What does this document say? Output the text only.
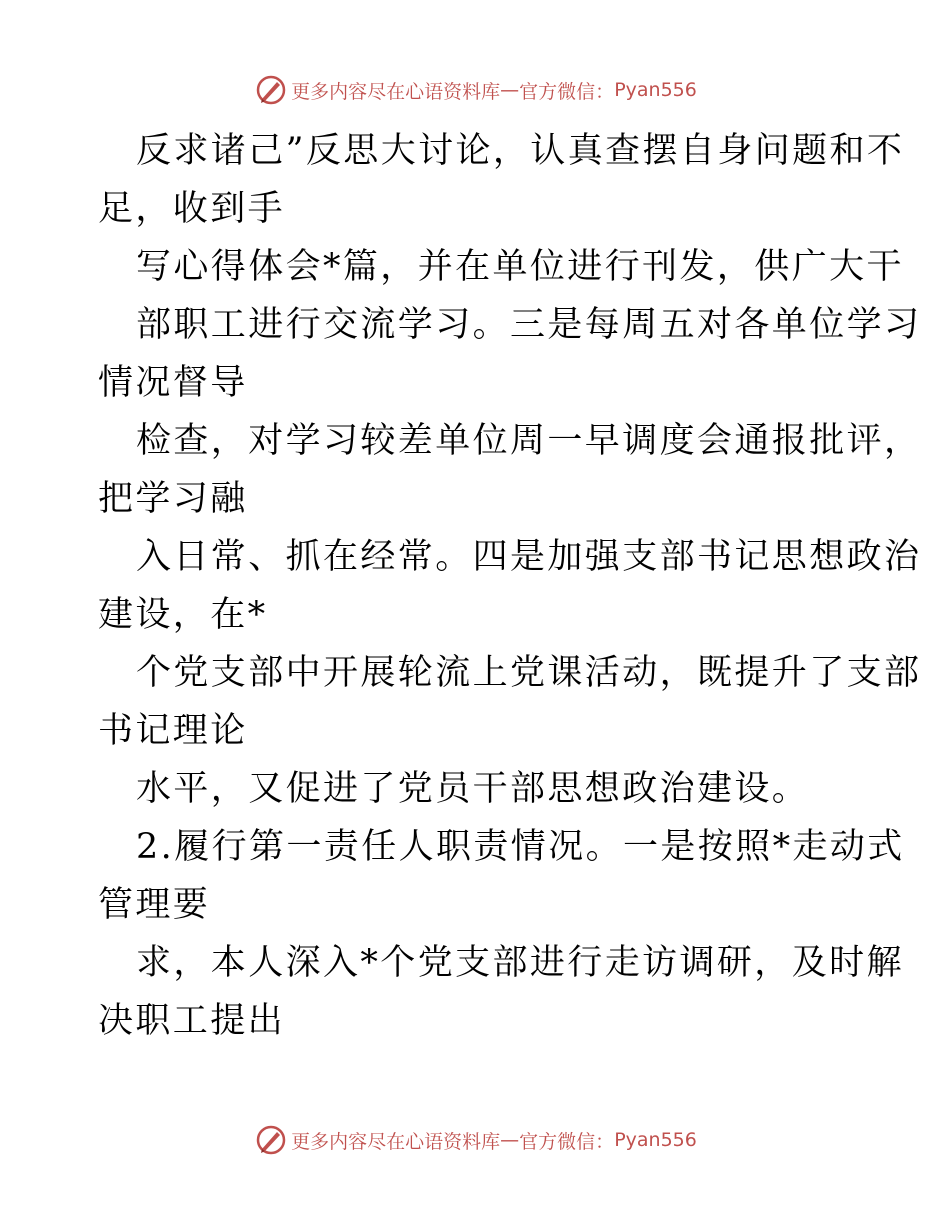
更多内容尽在心语资料库 — 官方微信： Pyan556
反求诸己”反思大讨论，认真查摆自身问题和不
足，收到手
写心得体会*篇，并在单位进行刊发，供广大干
部职工进行交流学习。三是每周五对各单位学习
情况督导
检查，对学习较差单位周一早调度会通报批评，
把学习融
入日常、抓在经常。四是加强支部书记思想政治
建设，在*
个党支部中开展轮流上党课活动，既提升了支部
书记理论
水平，又促进了党员干部思想政治建设。
2.履行第一责任人职责情况。一是按照*走动式
管理要
求，本人深入*个党支部进行走访调研，及时解
决职工提出
更多内容尽在心语资料库 — 官方微信： Pyan556
